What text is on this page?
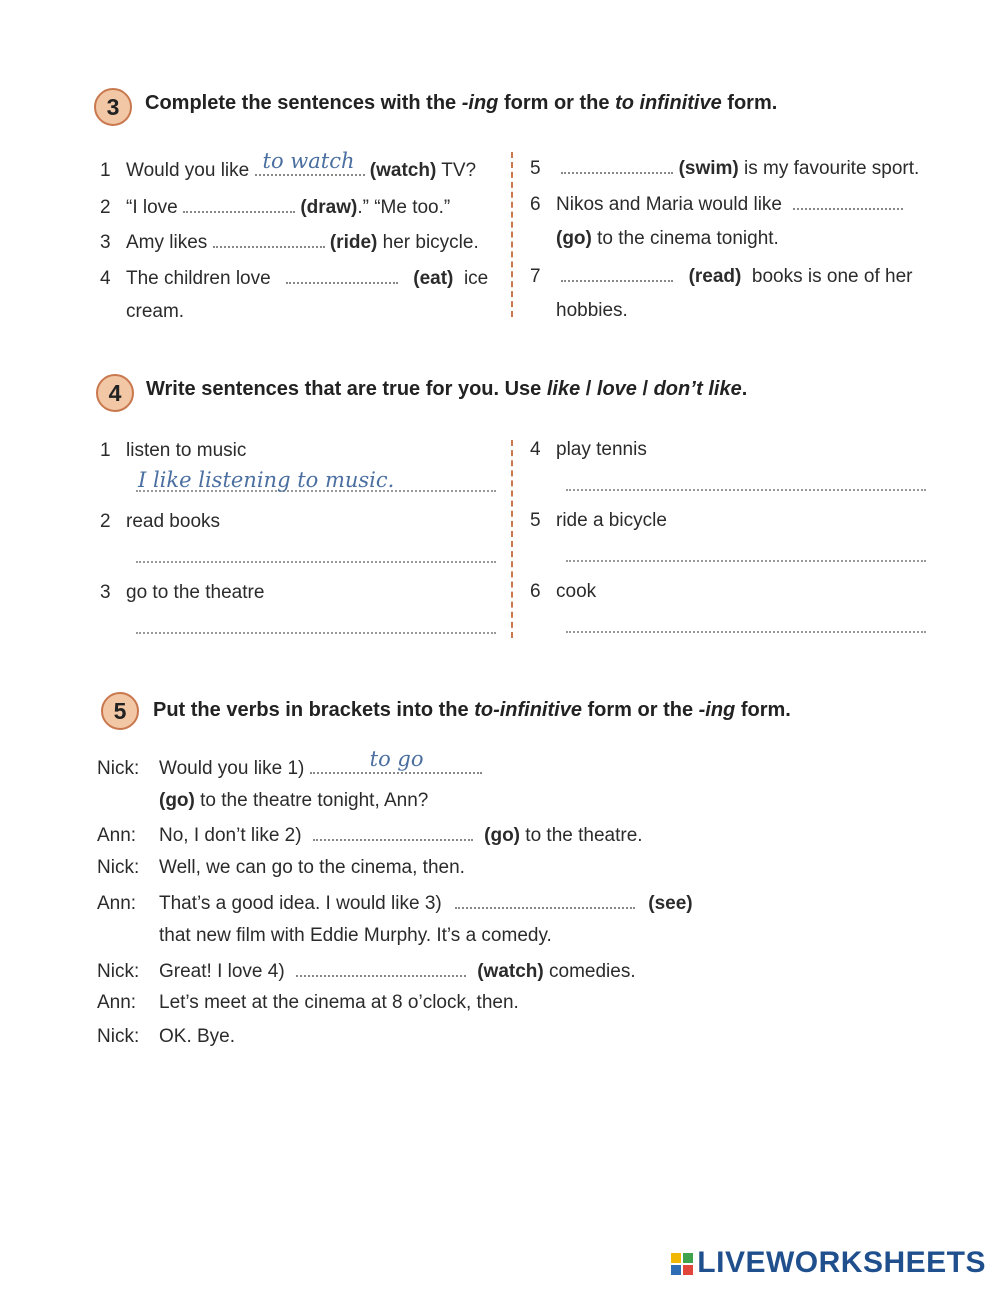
3	Complete the sentences with the -ing form or the to infinitive form.
1 Would you like to watch (watch) TV?
2 “I love	(draw).” “Me too.”
3 Amy likes	(ride) her bicycle.
4 The children love	(eat) ice
cream.
5	(swim) is my favourite sport.
6 Nikos and Maria would like
(go) to the cinema tonight.
7	(read) books is one of her
hobbies.
4	Write sentences that are true for you. Use like / love / don’t like.
1 listen to music
I like listening to music.
2 read books
3 go to the theatre
4 play tennis
5 ride a bicycle
6 cook
5	Put the verbs in brackets into the to-infinitive form or the -ing form.
Nick: Would you like 1)	to go
(go) to the theatre tonight, Ann?
Ann: No, I don’t like 2)	(go) to the theatre.
Nick: Well, we can go to the cinema, then.
Ann: That’s a good idea. I would like 3)	(see)
that new film with Eddie Murphy. It’s a comedy.
Nick: Great! I love 4)	(watch) comedies.
Ann: Let’s meet at the cinema at 8 o’clock, then.
Nick: OK. Bye.
LIVEWORKSHEETS
